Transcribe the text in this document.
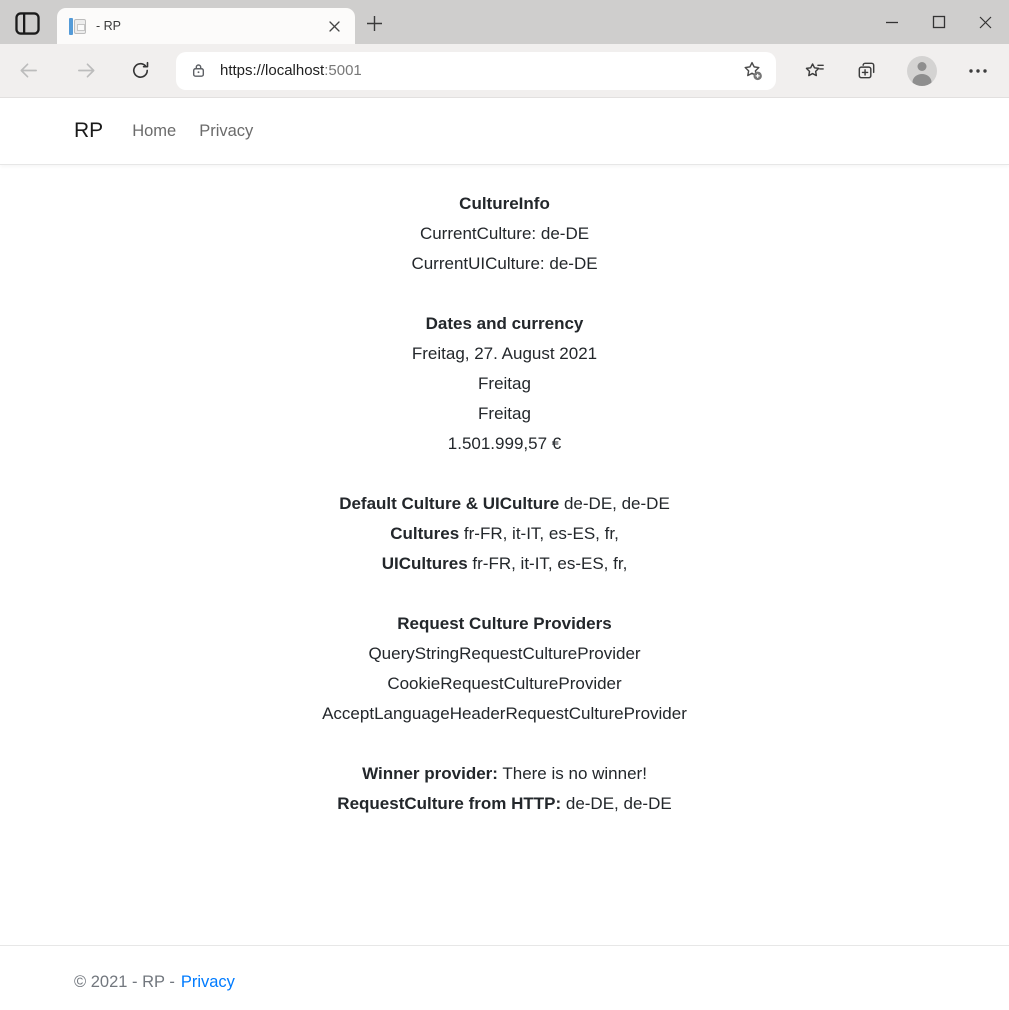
- RP
https://localhost:5001
RP Home Privacy
CultureInfo
CurrentCulture: de-DE
CurrentUICulture: de-DE
Dates and currency
Freitag, 27. August 2021
Freitag
Freitag
1.501.999,57 €
Default Culture & UICulture de-DE, de-DE
Cultures fr-FR, it-IT, es-ES, fr,
UICultures fr-FR, it-IT, es-ES, fr,
Request Culture Providers
QueryStringRequestCultureProvider
CookieRequestCultureProvider
AcceptLanguageHeaderRequestCultureProvider
Winner provider: There is no winner!
RequestCulture from HTTP: de-DE, de-DE
© 2021 - RP - Privacy
